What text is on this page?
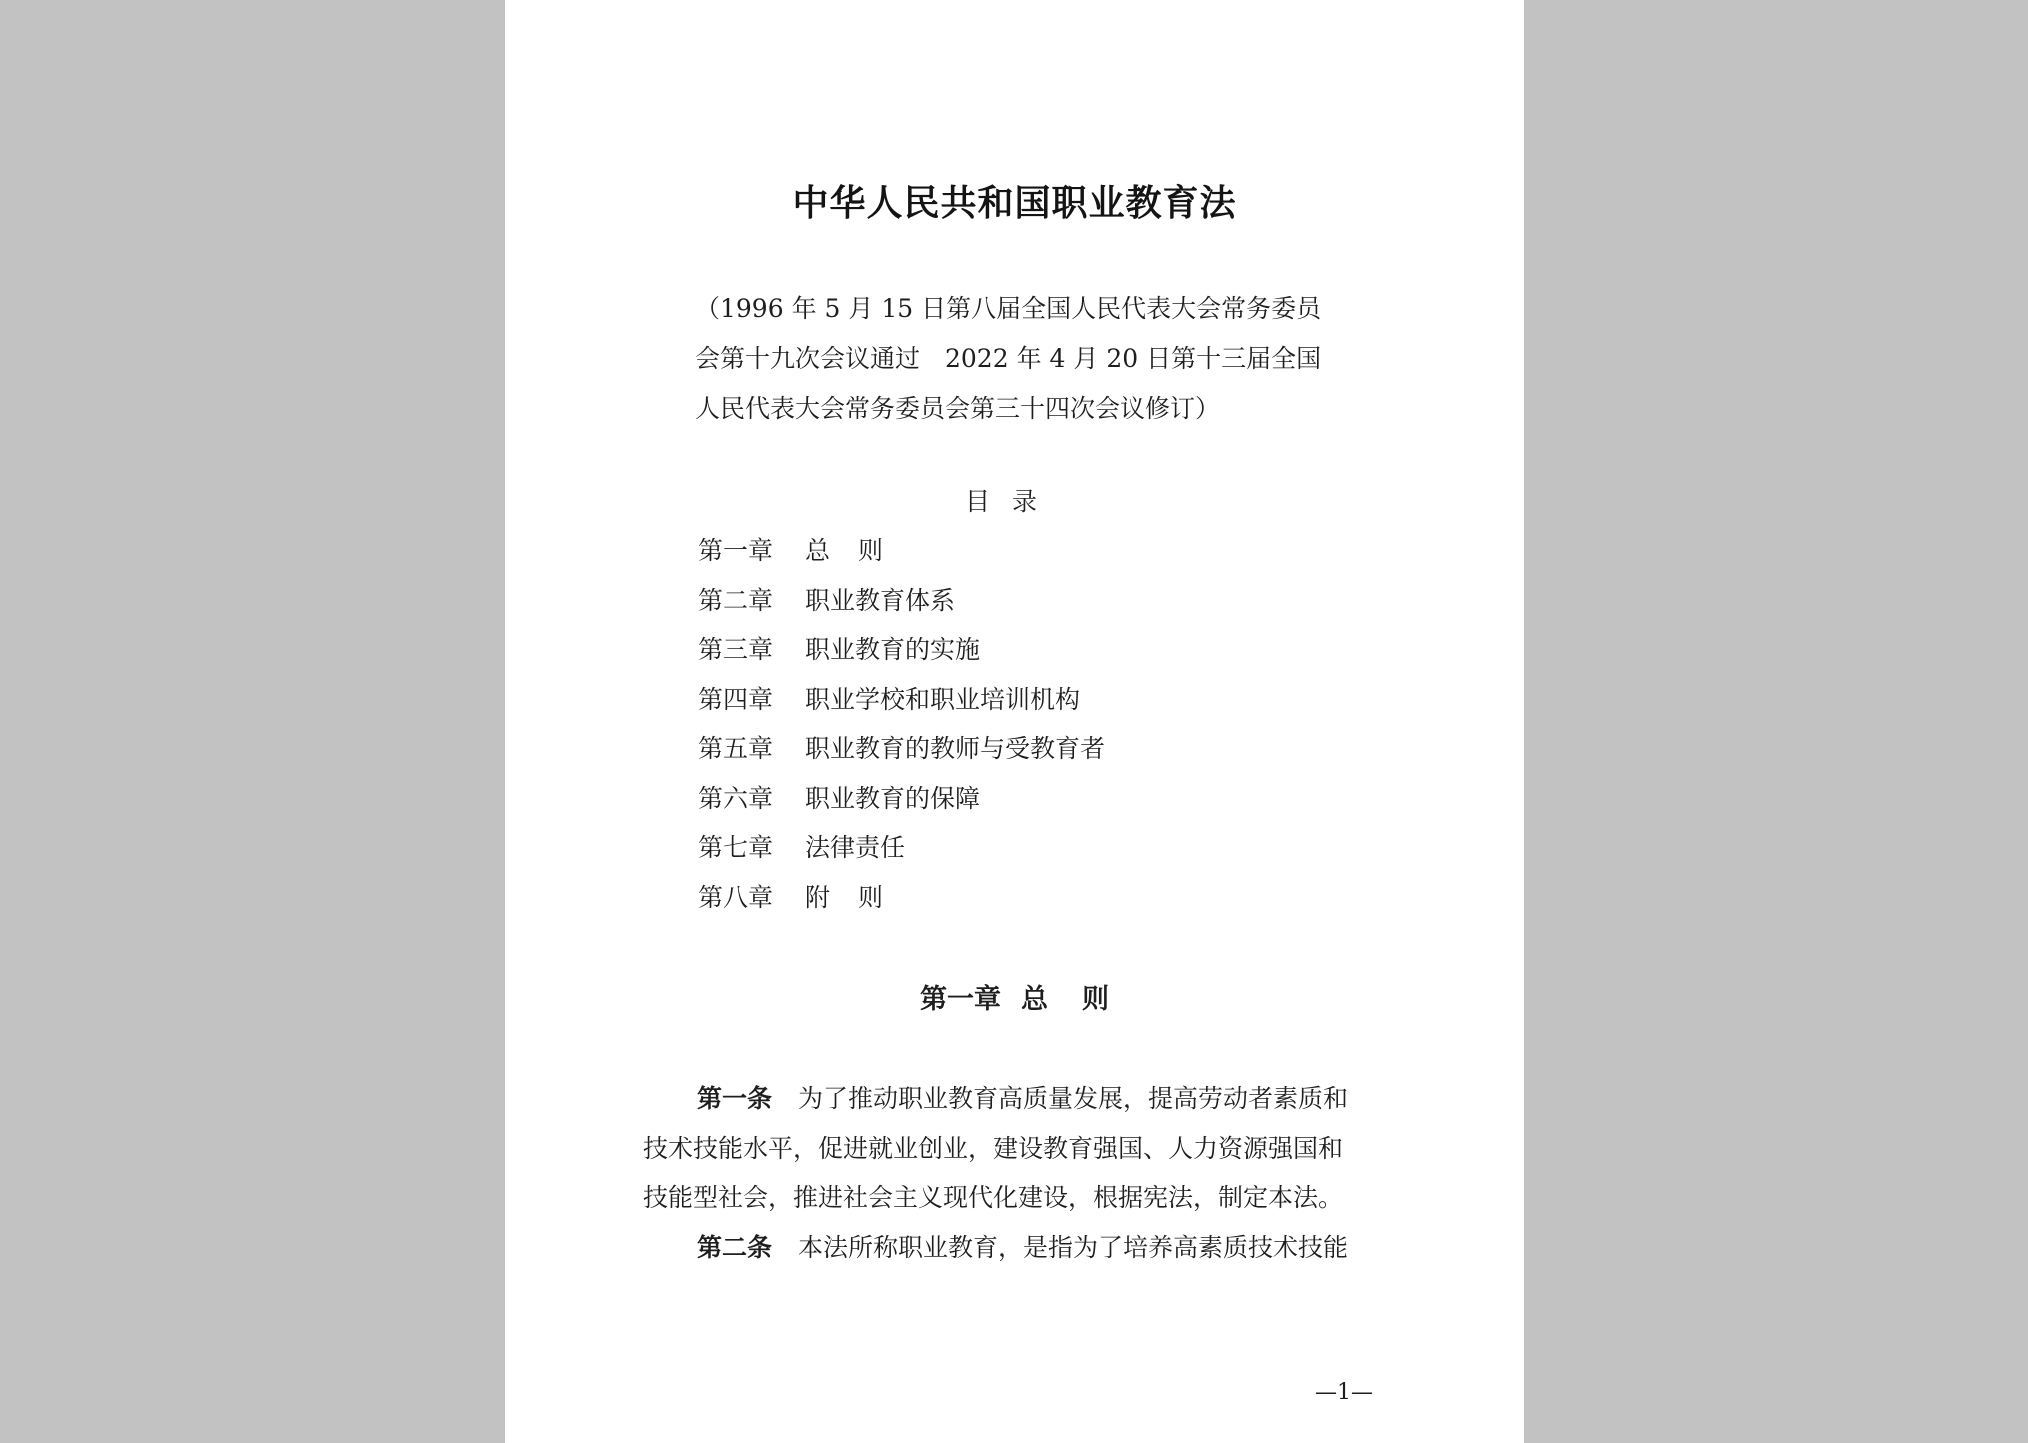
中华人民共和国职业教育法
（1996 年 5 月 15 日第八届全国人民代表大会常务委员
会第十九次会议通过　2022 年 4 月 20 日第十三届全国
人民代表大会常务委员会第三十四次会议修订）
目录
第一章 总则
第二章 职业教育体系
第三章 职业教育的实施
第四章 职业学校和职业培训机构
第五章 职业教育的教师与受教育者
第六章 职业教育的保障
第七章 法律责任
第八章 附则
第一章 总则
第一条 为了推动职业教育高质量发展，提高劳动者素质和
技术技能水平，促进就业创业，建设教育强国、人力资源强国和
技能型社会，推进社会主义现代化建设，根据宪法，制定本法。
第二条 本法所称职业教育，是指为了培养高素质技术技能
—1—
